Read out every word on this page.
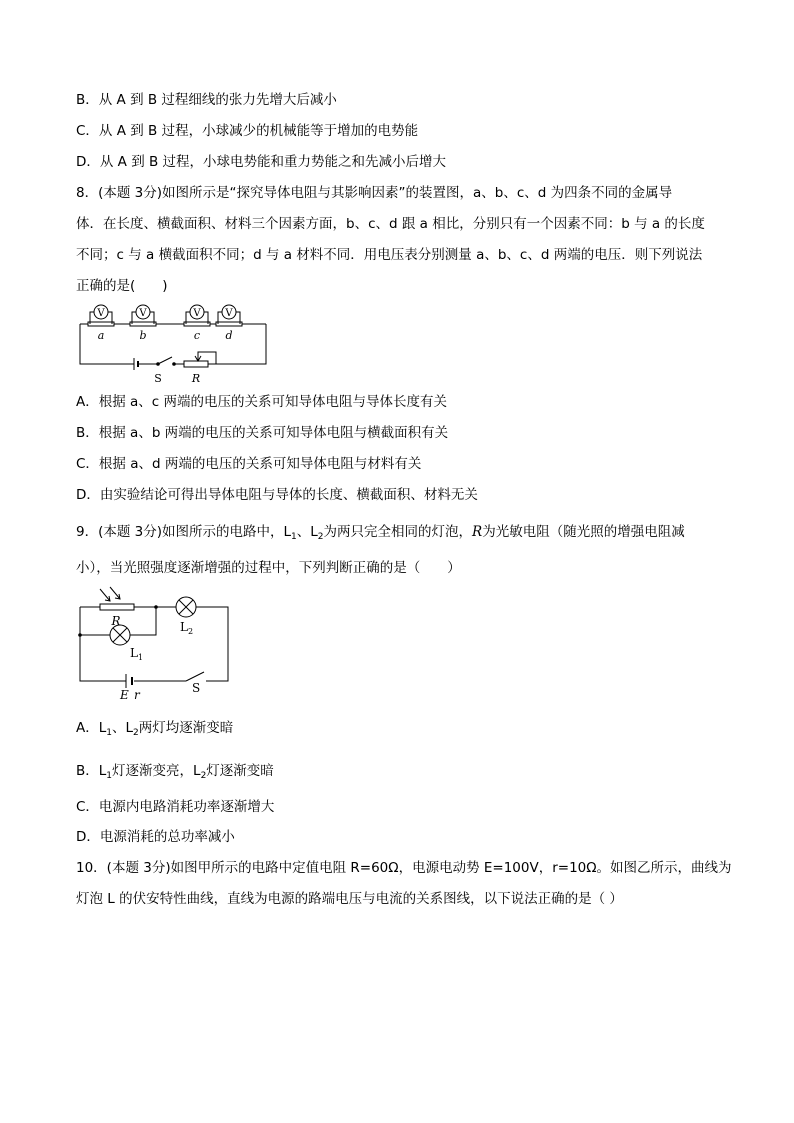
B．从 A 到 B 过程细线的张力先增大后减小
C．从 A 到 B 过程，小球减少的机械能等于增加的电势能
D．从 A 到 B 过程，小球电势能和重力势能之和先减小后增大
8．(本题 3分)如图所示是“探究导体电阻与其影响因素”的装置图，a、b、c、d 为四条不同的金属导
体．在长度、横截面积、材料三个因素方面，b、c、d 跟 a 相比，分别只有一个因素不同：b 与 a 的长度
不同；c 与 a 横截面积不同；d 与 a 材料不同．用电压表分别测量 a、b、c、d 两端的电压．则下列说法
正确的是(　　)
V	V	V V
a	b	c d
S	R
A．根据 a、c 两端的电压的关系可知导体电阻与导体长度有关
B．根据 a、b 两端的电压的关系可知导体电阻与横截面积有关
C．根据 a、d 两端的电压的关系可知导体电阻与材料有关
D．由实验结论可得出导体电阻与导体的长度、横截面积、材料无关
9．(本题 3分)如图所示的电路中，$L_1$、$L_2$为两只完全相同的灯泡，R为光敏电阻（随光照的增强电阻减
小），当光照强度逐渐增强的过程中，下列判断正确的是（　　）
R
$L_1$
$L_2$
E r	S
A．$L_1$、$L_2$两灯均逐渐变暗
B．$L_1$灯逐渐变亮，$L_2$灯逐渐变暗
C．电源内电路消耗功率逐渐增大
D．电源消耗的总功率减小
10．(本题 3分)如图甲所示的电路中定值电阻 R=60Ω，电源电动势 E=100V，r=10Ω。如图乙所示，曲线为
灯泡 L 的伏安特性曲线，直线为电源的路端电压与电流的关系图线，以下说法正确的是（ ）
